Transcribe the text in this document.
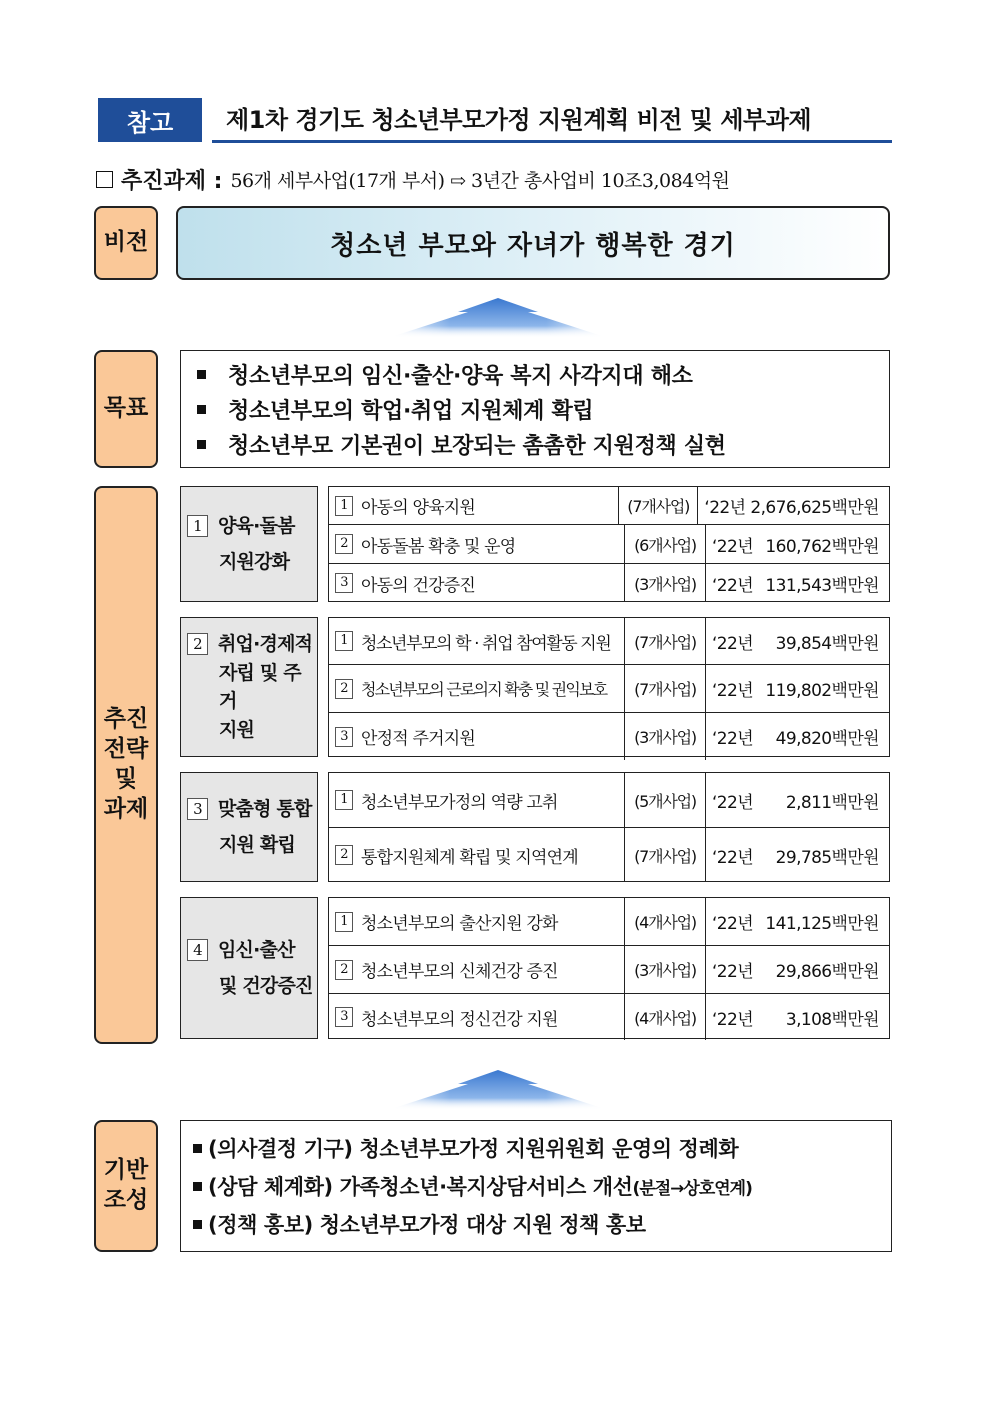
참고	제1차 경기도 청소년부모가정 지원계획 비전 및 세부과제
추진과제 : 56개 세부사업(17개 부서) ⇨ 3년간 총사업비 10조3,084억원
비전	청소년 부모와 자녀가 행복한 경기
목표
청소년부모의 임신·출산·양육 복지 사각지대 해소
청소년부모의 학업·취업 지원체계 확립
청소년부모 기본권이 보장되는 촘촘한 지원정책 실현
추진
전략
및
과제
1 양육·돌봄
지원강화
1 아동의 양육지원	(7개사업) ‘22년 2,676,625백만원
2 아동돌봄 확충 및 운영	(6개사업) ‘22년 160,762백만원
3 아동의 건강증진	(3개사업) ‘22년 131,543백만원
2 취업·경제적
자립 및 주거
지원
1 청소년부모의 학 · 취업 참여활동 지원	(7개사업) ‘22년	39,854백만원
2 청소년부모의 근로의지 확충 및 권익보호	(7개사업) ‘22년 119,802백만원
3 안정적 주거지원	(3개사업) ‘22년	49,820백만원
3 맞춤형 통합
지원 확립
1 청소년부모가정의 역량 고취	(5개사업) ‘22년	2,811백만원
2 통합지원체계 확립 및 지역연계	(7개사업) ‘22년	29,785백만원
4 임신·출산
및 건강증진
1 청소년부모의 출산지원 강화	(4개사업) ‘22년 141,125백만원
2 청소년부모의 신체건강 증진	(3개사업) ‘22년	29,866백만원
3 청소년부모의 정신건강 지원	(4개사업) ‘22년	3,108백만원
기반
조성
(의사결정 기구) 청소년부모가정 지원위원회 운영의 정례화
(상담 체계화) 가족청소년·복지상담서비스 개선 (분절→상호연계)
(정책 홍보) 청소년부모가정 대상 지원 정책 홍보
